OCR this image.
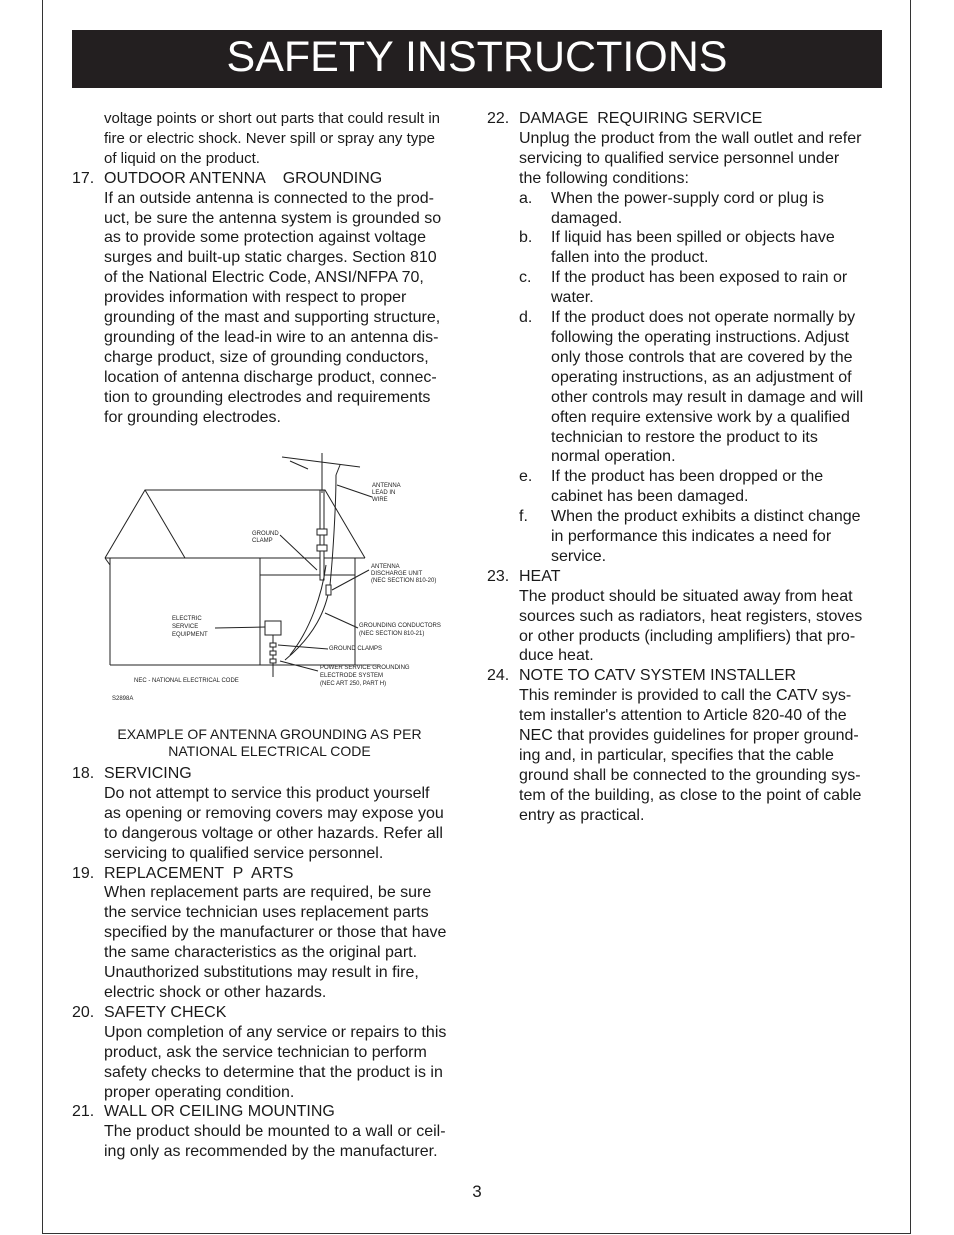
SAFETY INSTRUCTIONS
voltage points or short out parts that could result in
fire or electric shock. Never spill or spray any type
of liquid on the product.
17. OUTDOOR ANTENNA    GROUNDING
If an outside antenna is connected to the prod-
uct, be sure the antenna system is grounded so
as to provide some protection against voltage
surges and built-up static charges. Section 810
of the National Electric Code, ANSI/NFPA 70,
provides information with respect to proper
grounding of the mast and supporting structure,
grounding of the lead-in wire to an antenna dis-
charge product, size of grounding conductors,
location of antenna discharge product, connec-
tion to grounding electrodes and requirements
for grounding electrodes.
ANTENNA
LEAD IN
WIRE
GROUND
CLAMP
ANTENNA
DISCHARGE UNIT
(NEC SECTION 810-20)
ELECTRIC
SERVICE
EQUIPMENT
GROUNDING CONDUCTORS
(NEC SECTION 810-21)
GROUND CLAMPS
POWER SERVICE GROUNDING
ELECTRODE SYSTEM
(NEC ART 250, PART H)
NEC - NATIONAL ELECTRICAL CODE
S2898A
EXAMPLE OF ANTENNA GROUNDING AS PER
NATIONAL ELECTRICAL CODE
18. SERVICING
Do not attempt to service this product yourself
as opening or removing covers may expose you
to dangerous voltage or other hazards. Refer all
servicing to qualified service personnel.
19. REPLACEMENT  P  ARTS
When replacement parts are required, be sure
the service technician uses replacement parts
specified by the manufacturer or those that have
the same characteristics as the original part.
Unauthorized substitutions may result in fire,
electric shock or other hazards.
20. SAFETY CHECK
Upon completion of any service or repairs to this
product, ask the service technician to perform
safety checks to determine that the product is in
proper operating condition.
21. WALL OR CEILING MOUNTING
The product should be mounted to a wall or ceil-
ing only as recommended by the manufacturer.
22. DAMAGE  REQUIRING SERVICE
Unplug the product from the wall outlet and refer
servicing to qualified service personnel under
the following conditions:
a. When the power-supply cord or plug is
damaged.
b. If liquid has been spilled or objects have
fallen into the product.
c. If the product has been exposed to rain or
water.
d. If the product does not operate normally by
following the operating instructions. Adjust
only those controls that are covered by the
operating instructions, as an adjustment of
other controls may result in damage and will
often require extensive work by a qualified
technician to restore the product to its
normal operation.
e. If the product has been dropped or the
cabinet has been damaged.
f. When the product exhibits a distinct change
in performance this indicates a need for
service.
23. HEAT
The product should be situated away from heat
sources such as radiators, heat registers, stoves
or other products (including amplifiers) that pro-
duce heat.
24. NOTE TO CATV SYSTEM INSTALLER
This reminder is provided to call the CATV sys-
tem installer's attention to Article 820-40 of the
NEC that provides guidelines for proper ground-
ing and, in particular, specifies that the cable
ground shall be connected to the grounding sys-
tem of the building, as close to the point of cable
entry as practical.
3
